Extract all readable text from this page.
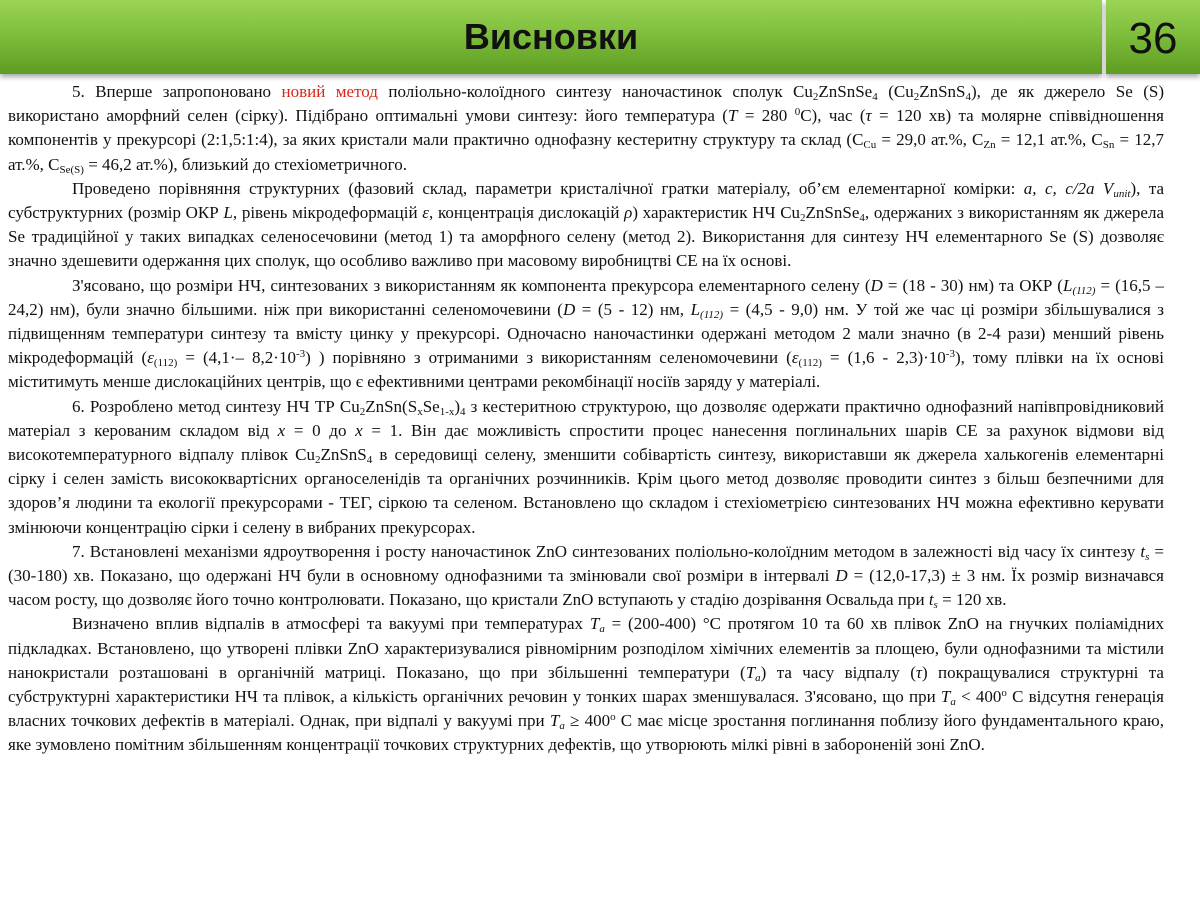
Висновки	36

5. Вперше запропоновано новий метод поліольно-колоїдного синтезу наночастинок сполук $Cu_2ZnSnSe_4$ $(Cu_2ZnSnS_4)$, де як джерело Se (S) використано аморфний селен (сірку). Підібрано оптимальні умови синтезу: його температура (T = 280 $^0$С), час (τ = 120 хв) та молярне співвідношення компонентів у прекурсорі (2:1,5:1:4), за яких кристали мали практично однофазну кестеритну структуру та склад ($C_{Cu} = 29,0$ ат.%, $C_{Zn} = 12,1$ ат.%, $C_{Sn} = 12,7$ ат.%, $C_{Se(S)} = 46,2$ ат.%), близький до стехіометричного.

Проведено порівняння структурних (фазовий склад, параметри кристалічної гратки матеріалу, об’єм елементарної комірки: a, c, c/2a $V_{unit}$), та субструктурних (розмір ОКР L, рівень мікродеформацій ε, концентрація дислокацій ρ) характеристик НЧ $Cu_2ZnSnSe_4$, одержаних з використанням як джерела Se традиційної у таких випадках селеносечовини (метод 1) та аморфного селену (метод 2). Використання для синтезу НЧ елементарного Se (S) дозволяє значно здешевити одержання цих сполук, що особливо важливо при масовому виробництві СЕ на їх основі.

З'ясовано, що розміри НЧ, синтезованих з використанням як компонента прекурсора елементарного селену (D = (18 - 30) нм) та ОКР ($L_{(112)} = (16,5 - 24,2)$ нм), були значно більшими. ніж при використанні селеномочевини (D = (5 - 12) нм, $L_{(112)} = (4,5 - 9,0)$ нм. У той же час ці розміри збільшувалися з підвищенням температури синтезу та вмісту цинку у прекурсорі. Одночасно наночастинки одержані методом 2 мали значно (в 2-4 рази) менший рівень мікродеформацій ($\varepsilon_{(112)} = (4,1\cdot-$ $8,2\cdot 10^{-3}$) ) порівняно з отриманими з використанням селеномочевини $(\varepsilon_{(112)} = (1,6 - 2,3)\cdot 10^{-3})$, тому плівки на їх основі міститимуть менше дислокаційних центрів, що є ефективними центрами рекомбінації носіїв заряду у матеріалі.

6. Розроблено метод синтезу НЧ ТР $Cu_2ZnSn(S_xSe_{1-x})_4$ з кестеритною структурою, що дозволяє одержати практично однофазний напівпровідниковий матеріал з керованим складом від x = 0 до x = 1. Він дає можливість спростити процес нанесення поглинальних шарів СЕ за рахунок відмови від високотемпературного відпалу плівок $Cu_2ZnSnS_4$ в середовищі селену, зменшити собівартість синтезу, використавши як джерела халькогенів елементарні сірку і селен замість висококвартісних органоселенідів та органічних розчинників. Крім цього метод дозволяє проводити синтез з більш безпечними для здоров’я людини та екології прекурсорами - ТЕГ, сіркою та селеном. Встановлено що складом і стехіометрією синтезованих НЧ можна ефективно керувати змінюючи концентрацію сірки і селену в вибраних прекурсорах.

7. Встановлені механізми ядроутворення і росту наночастинок ZnO синтезованих поліольно-колоїдним методом в залежності від часу їх синтезу $t_s = (30-180)$ хв. Показано, що одержані НЧ були в основному однофазними та змінювали свої розміри в інтервалі D = (12,0-17,3) ± 3 нм. Їх розмір визначався часом росту, що дозволяє його точно контролювати. Показано, що кристали ZnO вступають у стадію дозрівання Освальда при $t_s = 120$ хв.

Визначено вплив відпалів в атмосфері та вакуумі при температурах $T_a = (200-400)$ °С протягом 10 та 60 хв плівок ZnO на гнучких поліамідних підкладках. Встановлено, що утворені плівки ZnO характеризувалися рівномірним розподілом хімічних елементів за площею, були однофазними та містили нанокристали розташовані в органічній матриці. Показано, що при збільшенні температури $(T_a)$ та часу відпалу (τ) покращувалися структурні та субструктурні характеристики НЧ та плівок, а кількість органічних речовин у тонких шарах зменшувалася. З'ясовано, що при $T_a < 400^o$ С відсутня генерація власних точкових дефектів в матеріалі. Однак, при відпалі у вакуумі при $T_a \ge 400^o$ С має місце зростання поглинання поблизу його фундаментального краю, яке зумовлено помітним збільшенням концентрації точкових структурних дефектів, що утворюють мілкі рівні в забороненій зоні ZnO.
